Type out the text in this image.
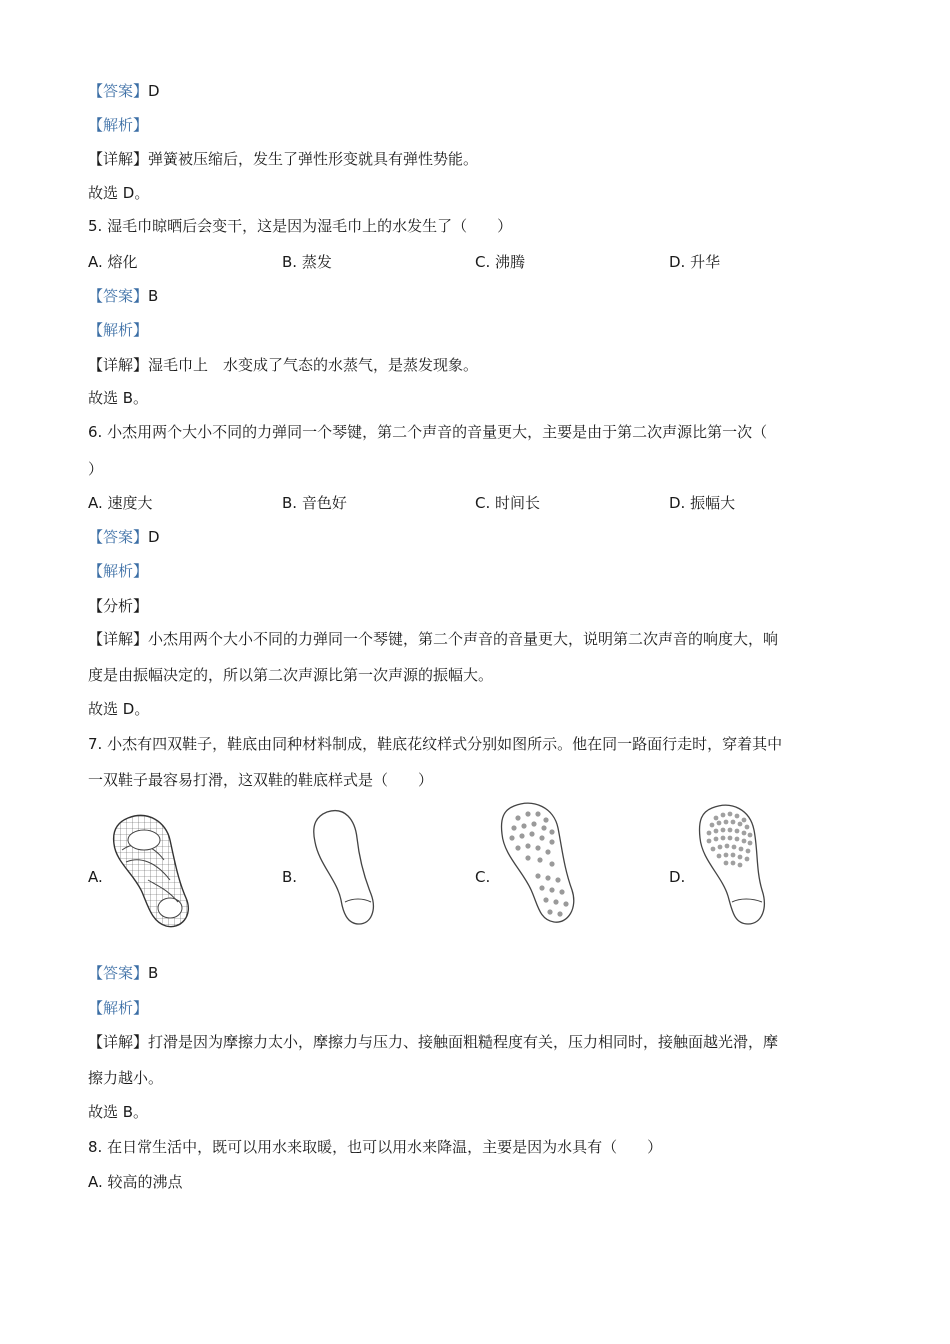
【答案】D
【解析】
【详解】弹簧被压缩后，发生了弹性形变就具有弹性势能。
故选 D。
5. 湿毛巾晾晒后会变干，这是因为湿毛巾上的水发生了（　　）
A. 熔化	B. 蒸发	C. 沸腾	D. 升华
【答案】B
【解析】
【详解】湿毛巾上　水变成了气态的水蒸气，是蒸发现象。
故选 B。
6. 小杰用两个大小不同的力弹同一个琴键，第二个声音的音量更大，主要是由于第二次声源比第一次（
）
A. 速度大	B. 音色好	C. 时间长	D. 振幅大
【答案】D
【解析】
【分析】
【详解】小杰用两个大小不同的力弹同一个琴键，第二个声音的音量更大，说明第二次声音的响度大，响
度是由振幅决定的，所以第二次声源比第一次声源的振幅大。
故选 D。
7. 小杰有四双鞋子，鞋底由同种材料制成，鞋底花纹样式分别如图所示。他在同一路面行走时，穿着其中
一双鞋子最容易打滑，这双鞋的鞋底样式是（　　）
A.	B.	C.	D.
【答案】B
【解析】
【详解】打滑是因为摩擦力太小，摩擦力与压力、接触面粗糙程度有关，压力相同时，接触面越光滑，摩
擦力越小。
故选 B。
8. 在日常生活中，既可以用水来取暖，也可以用水来降温，主要是因为水具有（　　）
A. 较高的沸点
